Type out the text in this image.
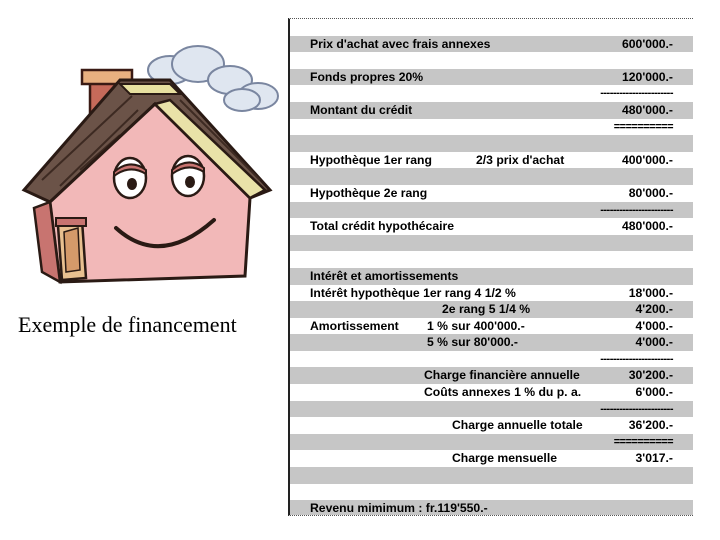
Exemple de financement
Prix d'achat avec frais annexes	600'000.-
Fonds propres 20%	120'000.-
-----------------------
Montant du crédit	480'000.-
==========
Hypothèque 1er rang	2/3 prix d'achat	400'000.-
Hypothèque 2e rang	80'000.-
-----------------------
Total crédit hypothécaire	480'000.-
Intérêt et amortissements
Intérêt hypothèque 1er rang 4 1/2 %	18'000.-
2e rang 5 1/4 %	4'200.-
Amortissement 1 % sur 400'000.-	4'000.-
5 % sur 80'000.-	4'000.-
-----------------------
Charge financière annuelle	30'200.-
Coûts annexes 1 % du p. a.	6'000.-
-----------------------
Charge annuelle totale	36'200.-
==========
Charge mensuelle	3'017.-
Revenu mimimum : fr.119'550.-
